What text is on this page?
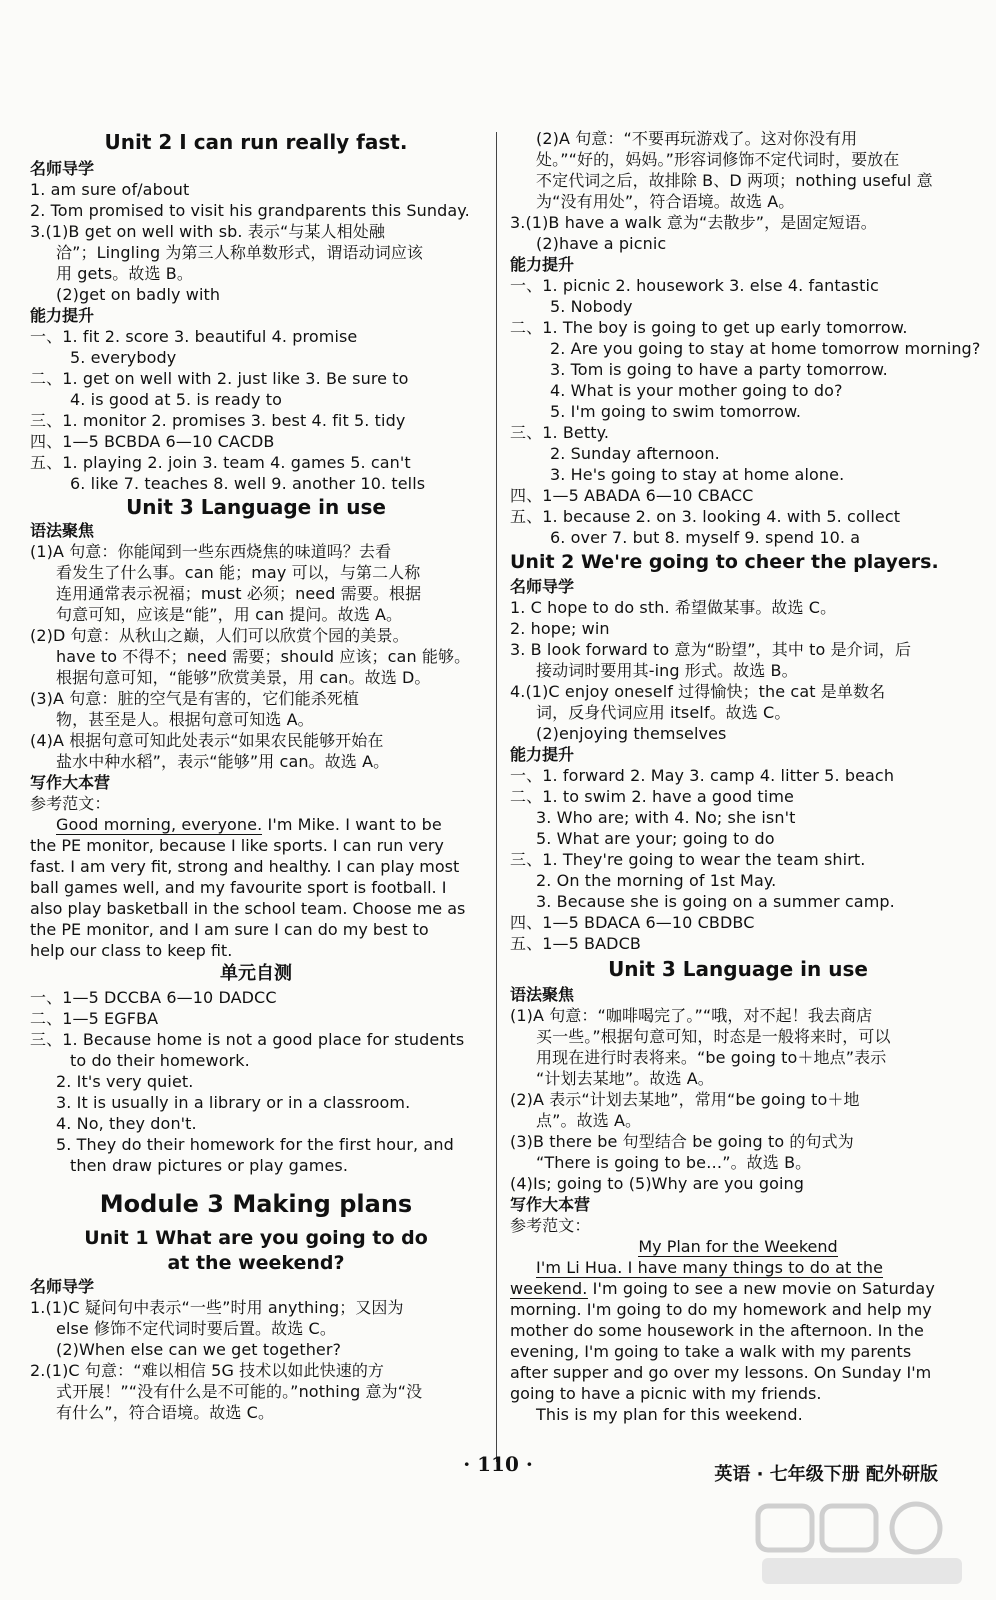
Unit 2 I can run really fast.
名师导学
1. am sure of/about
2. Tom promised to visit his grandparents this Sunday.
3.(1)B get on well with sb. 表示“与某人相处融
洽”；Lingling 为第三人称单数形式，谓语动词应该
用 gets。故选 B。
(2)get on badly with
能力提升
一、1. fit 2. score 3. beautiful 4. promise
5. everybody
二、1. get on well with 2. just like 3. Be sure to
4. is good at 5. is ready to
三、1. monitor 2. promises 3. best 4. fit 5. tidy
四、1—5 BCBDA 6—10 CACDB
五、1. playing 2. join 3. team 4. games 5. can't
6. like 7. teaches 8. well 9. another 10. tells
Unit 3 Language in use
语法聚焦
(1)A 句意：你能闻到一些东西烧焦的味道吗？去看
看发生了什么事。can 能；may 可以，与第二人称
连用通常表示祝福；must 必须；need 需要。根据
句意可知，应该是“能”，用 can 提问。故选 A。
(2)D 句意：从秋山之巅，人们可以欣赏个园的美景。
have to 不得不；need 需要；should 应该；can 能够。
根据句意可知，“能够”欣赏美景，用 can。故选 D。
(3)A 句意：脏的空气是有害的，它们能杀死植
物，甚至是人。根据句意可知选 A。
(4)A 根据句意可知此处表示“如果农民能够开始在
盐水中种水稻”，表示“能够”用 can。故选 A。
写作大本营
参考范文：
Good morning, everyone. I'm Mike. I want to be
the PE monitor, because I like sports. I can run very
fast. I am very fit, strong and healthy. I can play most
ball games well, and my favourite sport is football. I
also play basketball in the school team. Choose me as
the PE monitor, and I am sure I can do my best to
help our class to keep fit.
单元自测
一、1—5 DCCBA 6—10 DADCC
二、1—5 EGFBA
三、1. Because home is not a good place for students
to do their homework.
2. It's very quiet.
3. It is usually in a library or in a classroom.
4. No, they don't.
5. They do their homework for the first hour, and
then draw pictures or play games.
Module 3 Making plans
Unit 1 What are you going to do
at the weekend?
名师导学
1.(1)C 疑问句中表示“一些”时用 anything；又因为
else 修饰不定代词时要后置。故选 C。
(2)When else can we get together?
2.(1)C 句意：“难以相信 5G 技术以如此快速的方
式开展！”“没有什么是不可能的。”nothing 意为“没
有什么”，符合语境。故选 C。
(2)A 句意：“不要再玩游戏了。这对你没有用
处。”“好的，妈妈。”形容词修饰不定代词时，要放在
不定代词之后，故排除 B、D 两项；nothing useful 意
为“没有用处”，符合语境。故选 A。
3.(1)B have a walk 意为“去散步”，是固定短语。
(2)have a picnic
能力提升
一、1. picnic 2. housework 3. else 4. fantastic
5. Nobody
二、1. The boy is going to get up early tomorrow.
2. Are you going to stay at home tomorrow morning?
3. Tom is going to have a party tomorrow.
4. What is your mother going to do?
5. I'm going to swim tomorrow.
三、1. Betty.
2. Sunday afternoon.
3. He's going to stay at home alone.
四、1—5 ABADA 6—10 CBACC
五、1. because 2. on 3. looking 4. with 5. collect
6. over 7. but 8. myself 9. spend 10. a
Unit 2 We're going to cheer the players.
名师导学
1. C hope to do sth. 希望做某事。故选 C。
2. hope; win
3. B look forward to 意为“盼望”，其中 to 是介词，后
接动词时要用其-ing 形式。故选 B。
4.(1)C enjoy oneself 过得愉快；the cat 是单数名
词，反身代词应用 itself。故选 C。
(2)enjoying themselves
能力提升
一、1. forward 2. May 3. camp 4. litter 5. beach
二、1. to swim 2. have a good time
3. Who are; with 4. No; she isn't
5. What are your; going to do
三、1. They're going to wear the team shirt.
2. On the morning of 1st May.
3. Because she is going on a summer camp.
四、1—5 BDACA 6—10 CBDBC
五、1—5 BADCB
Unit 3 Language in use
语法聚焦
(1)A 句意：“咖啡喝完了。”“哦，对不起！我去商店
买一些。”根据句意可知，时态是一般将来时，可以
用现在进行时表将来。“be going to＋地点”表示
“计划去某地”。故选 A。
(2)A 表示“计划去某地”，常用“be going to＋地
点”。故选 A。
(3)B there be 句型结合 be going to 的句式为
“There is going to be…”。故选 B。
(4)Is; going to (5)Why are you going
写作大本营
参考范文：
My Plan for the Weekend
I'm Li Hua. I have many things to do at the
weekend. I'm going to see a new movie on Saturday
morning. I'm going to do my homework and help my
mother do some housework in the afternoon. In the
evening, I'm going to take a walk with my parents
after supper and go over my lessons. On Sunday I'm
going to have a picnic with my friends.
This is my plan for this weekend.
· 110 ·	英语 · 七年级下册 配外研版
